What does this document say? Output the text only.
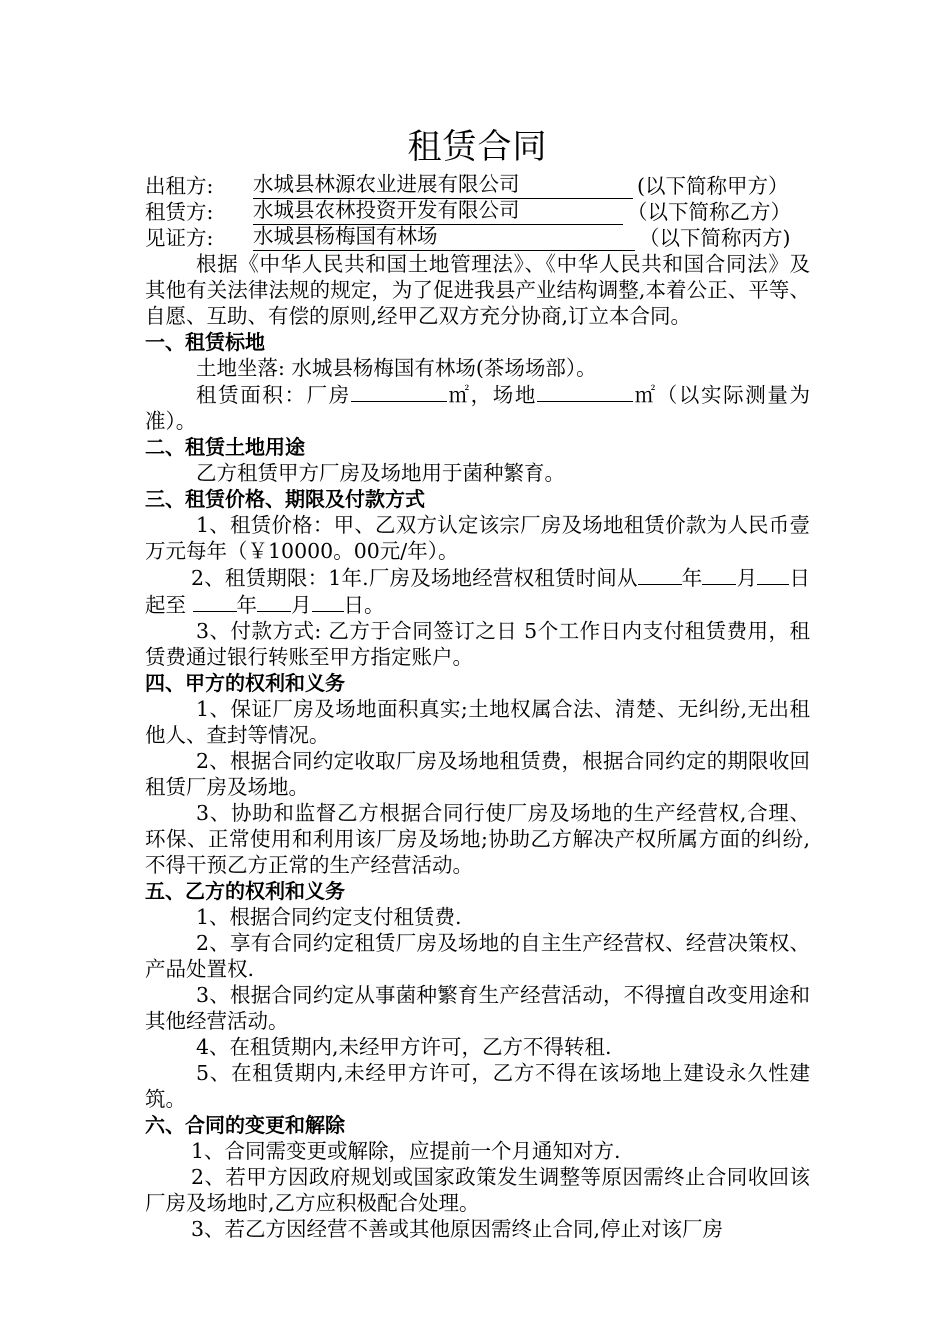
租赁合同
出租方:	水城县林源农业进展有限公司	(以下简称甲方）
租赁方:	水城县农林投资开发有限公司	（以下简称乙方）
见证方:	水城县杨梅国有林场	（以下简称丙方)
根据《中华人民共和国土地管理法》、《中华人民共和国合同法》及其他有关法律法规的规定，为了促进我县产业结构调整,本着公正、平等、自愿、互助、有偿的原则,经甲乙双方充分协商,订立本合同。
一、租赁标地
土地坐落: 水城县杨梅国有林场(茶场场部）。
租赁面积：厂房	㎡，场地	㎡（以实际测量为准）。
二、租赁土地用途
乙方租赁甲方厂房及场地用于菌种繁育。
三、租赁价格、期限及付款方式
1、租赁价格：甲、乙双方认定该宗厂房及场地租赁价款为人民币壹万元每年（￥10000。00元/年）。
2、租赁期限：1年.厂房及场地经营权租赁时间从 年 月 日起至 年 月 日。
3、付款方式: 乙方于合同签订之日 5个工作日内支付租赁费用，租赁费通过银行转账至甲方指定账户。
四、甲方的权利和义务
1、保证厂房及场地面积真实;土地权属合法、清楚、无纠纷,无出租他人、查封等情况。
2、根据合同约定收取厂房及场地租赁费，根据合同约定的期限收回租赁厂房及场地。
3、协助和监督乙方根据合同行使厂房及场地的生产经营权,合理、环保、正常使用和利用该厂房及场地;协助乙方解决产权所属方面的纠纷,不得干预乙方正常的生产经营活动。
五、乙方的权利和义务
1、根据合同约定支付租赁费.
2、享有合同约定租赁厂房及场地的自主生产经营权、经营决策权、产品处置权.
3、根据合同约定从事菌种繁育生产经营活动，不得擅自改变用途和其他经营活动。
4、在租赁期内,未经甲方许可，乙方不得转租.
5、在租赁期内,未经甲方许可，乙方不得在该场地上建设永久性建筑。
六、合同的变更和解除
1、合同需变更或解除，应提前一个月通知对方.
2、若甲方因政府规划或国家政策发生调整等原因需终止合同收回该厂房及场地时,乙方应积极配合处理。
3、若乙方因经营不善或其他原因需终止合同,停止对该厂房
